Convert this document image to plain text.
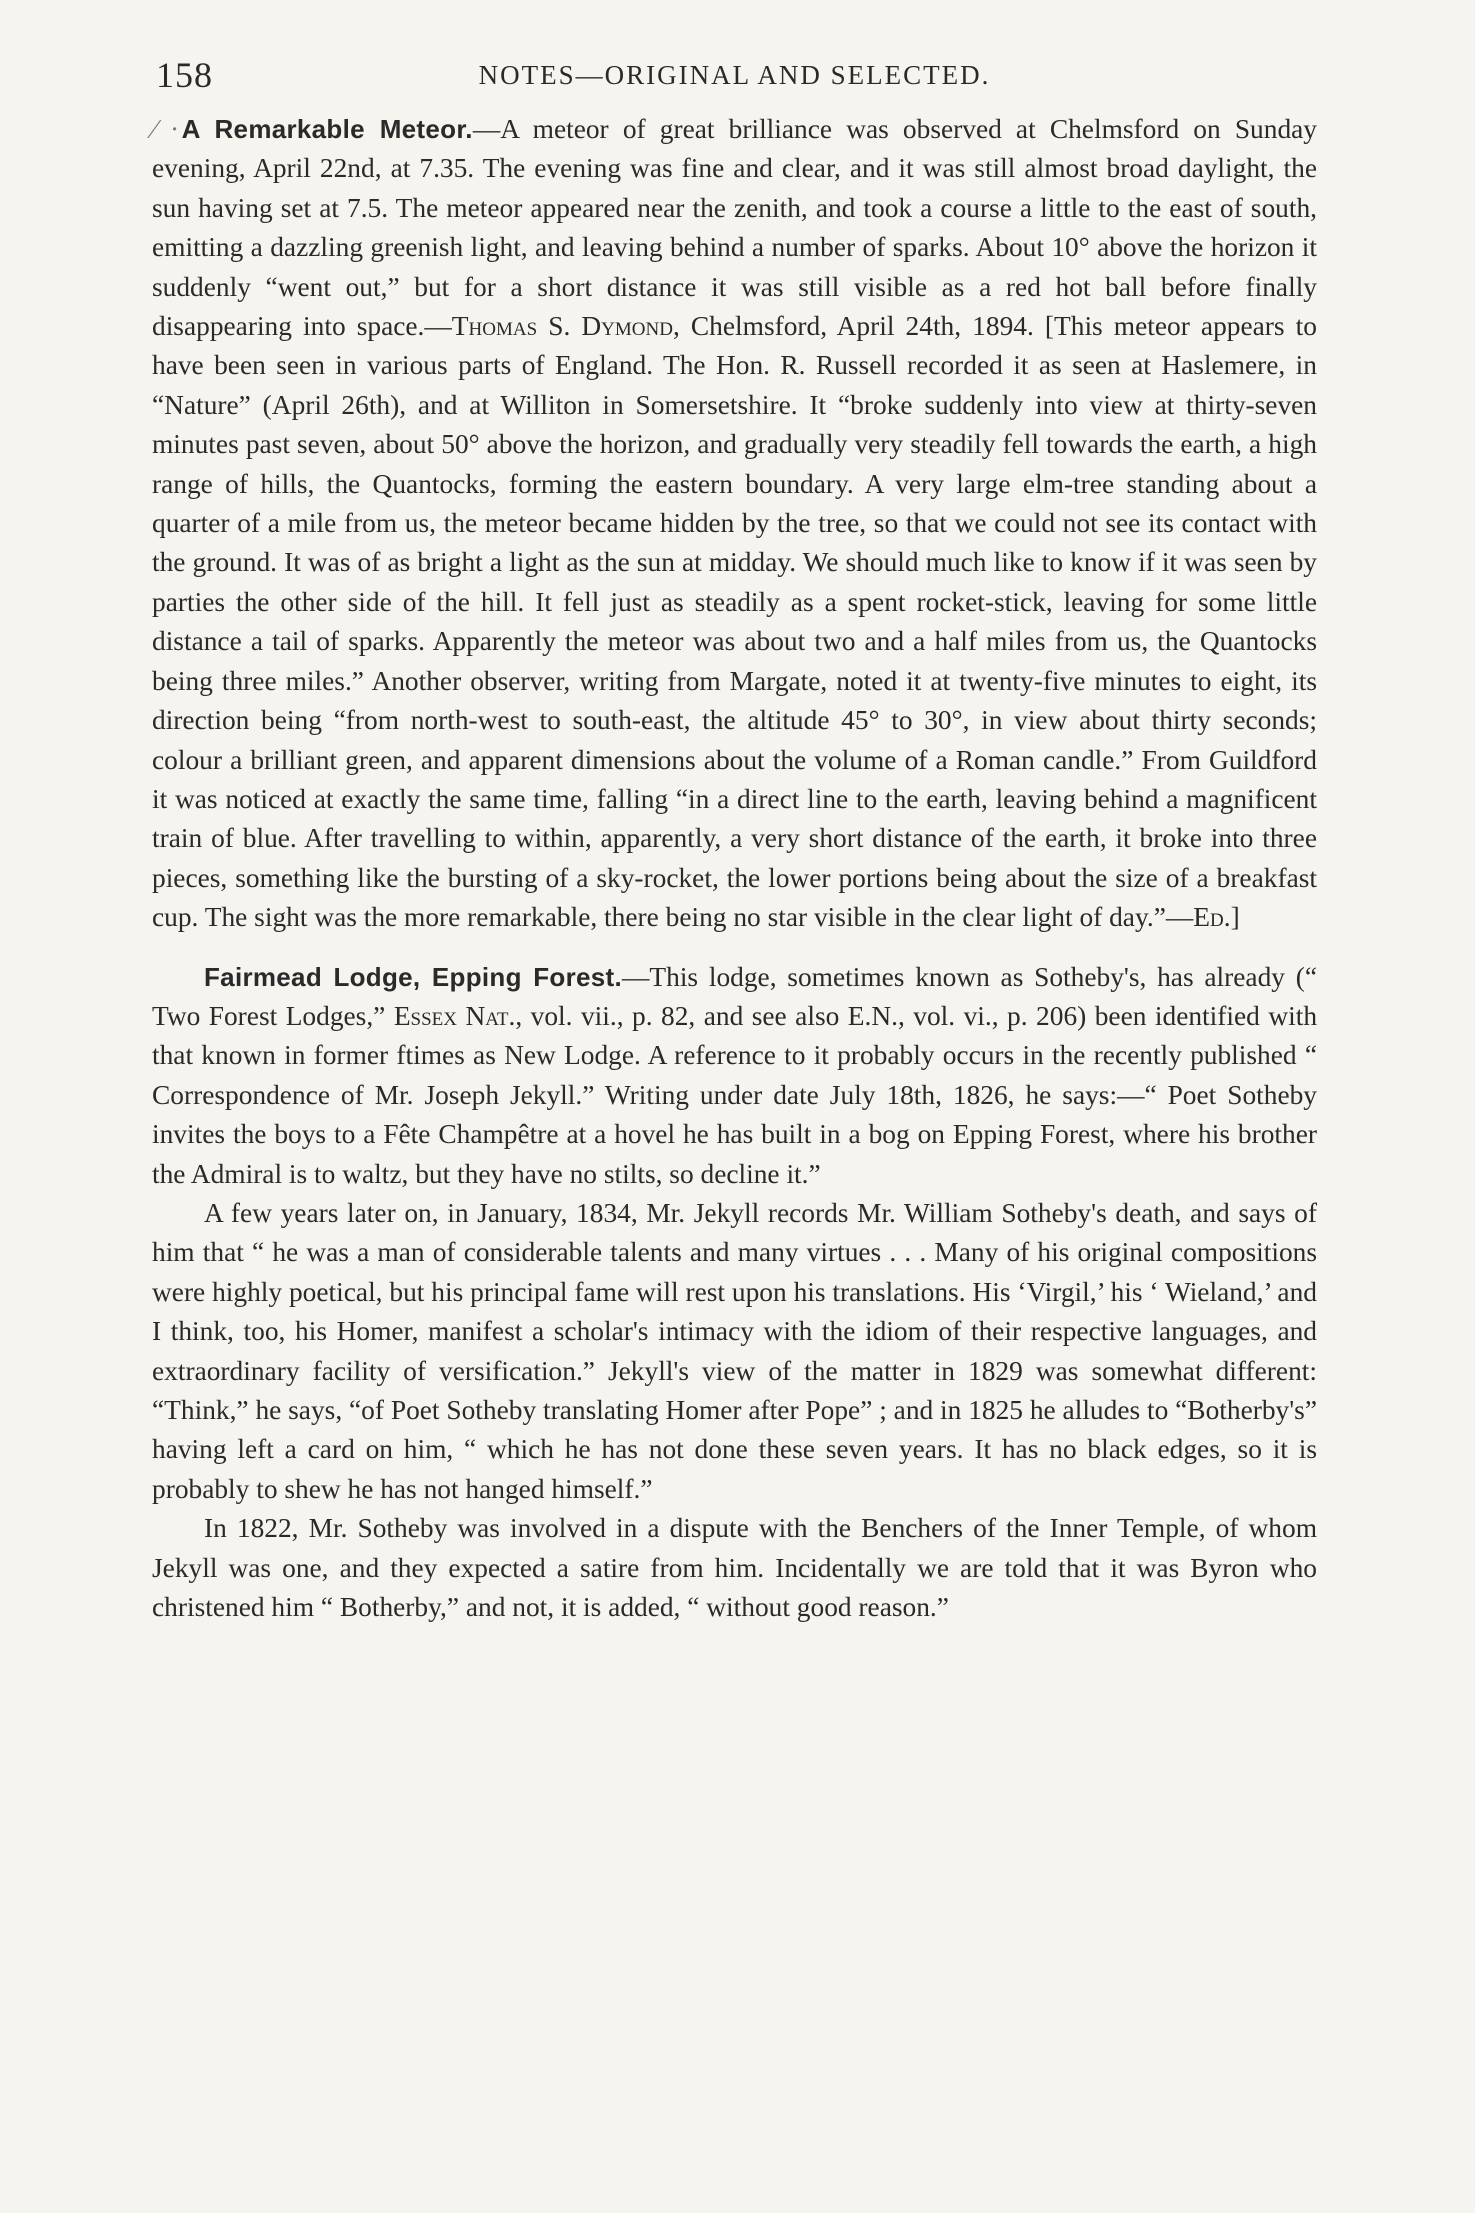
158	NOTES—ORIGINAL AND SELECTED.

⁄ · A Remarkable Meteor.—A meteor of great brilliance was observed at Chelmsford on Sunday evening, April 22nd, at 7.35. The evening was fine and clear, and it was still almost broad daylight, the sun having set at 7.5. The meteor appeared near the zenith, and took a course a little to the east of south, emitting a dazzling greenish light, and leaving behind a number of sparks. About 10° above the horizon it suddenly “went out,” but for a short distance it was still visible as a red hot ball before finally disappearing into space.—Thomas S. Dymond, Chelmsford, April 24th, 1894. [This meteor appears to have been seen in various parts of England. The Hon. R. Russell recorded it as seen at Haslemere, in “Nature” (April 26th), and at Williton in Somersetshire. It “broke suddenly into view at thirty-seven minutes past seven, about 50° above the horizon, and gradually very steadily fell towards the earth, a high range of hills, the Quantocks, forming the eastern boundary. A very large elm-tree standing about a quarter of a mile from us, the meteor became hidden by the tree, so that we could not see its contact with the ground. It was of as bright a light as the sun at midday. We should much like to know if it was seen by parties the other side of the hill. It fell just as steadily as a spent rocket-stick, leaving for some little distance a tail of sparks. Apparently the meteor was about two and a half miles from us, the Quantocks being three miles.” Another observer, writing from Margate, noted it at twenty-five minutes to eight, its direction being “from north-west to south-east, the altitude 45° to 30°, in view about thirty seconds; colour a brilliant green, and apparent dimensions about the volume of a Roman candle.” From Guildford it was noticed at exactly the same time, falling “in a direct line to the earth, leaving behind a magnificent train of blue. After travelling to within, apparently, a very short distance of the earth, it broke into three pieces, something like the bursting of a sky-rocket, the lower portions being about the size of a breakfast cup. The sight was the more remarkable, there being no star visible in the clear light of day.”—Ed.]

Fairmead Lodge, Epping Forest.—This lodge, sometimes known as Sotheby's, has already (“ Two Forest Lodges,” Essex Nat., vol. vii., p. 82, and see also E.N., vol. vi., p. 206) been identified with that known in former ftimes as New Lodge. A reference to it probably occurs in the recently published “ Correspondence of Mr. Joseph Jekyll.” Writing under date July 18th, 1826, he says:—“ Poet Sotheby invites the boys to a Fête Champêtre at a hovel he has built in a bog on Epping Forest, where his brother the Admiral is to waltz, but they have no stilts, so decline it.”

A few years later on, in January, 1834, Mr. Jekyll records Mr. William Sotheby's death, and says of him that “ he was a man of considerable talents and many virtues . . . Many of his original compositions were highly poetical, but his principal fame will rest upon his translations. His ‘Virgil,’ his ‘ Wieland,’ and I think, too, his Homer, manifest a scholar's intimacy with the idiom of their respective languages, and extraordinary facility of versification.” Jekyll's view of the matter in 1829 was somewhat different: “Think,” he says, “of Poet Sotheby translating Homer after Pope” ; and in 1825 he alludes to “Botherby's” having left a card on him, “ which he has not done these seven years. It has no black edges, so it is probably to shew he has not hanged himself.”

In 1822, Mr. Sotheby was involved in a dispute with the Benchers of the Inner Temple, of whom Jekyll was one, and they expected a satire from him. Incidentally we are told that it was Byron who christened him “ Botherby,” and not, it is added, “ without good reason.”
